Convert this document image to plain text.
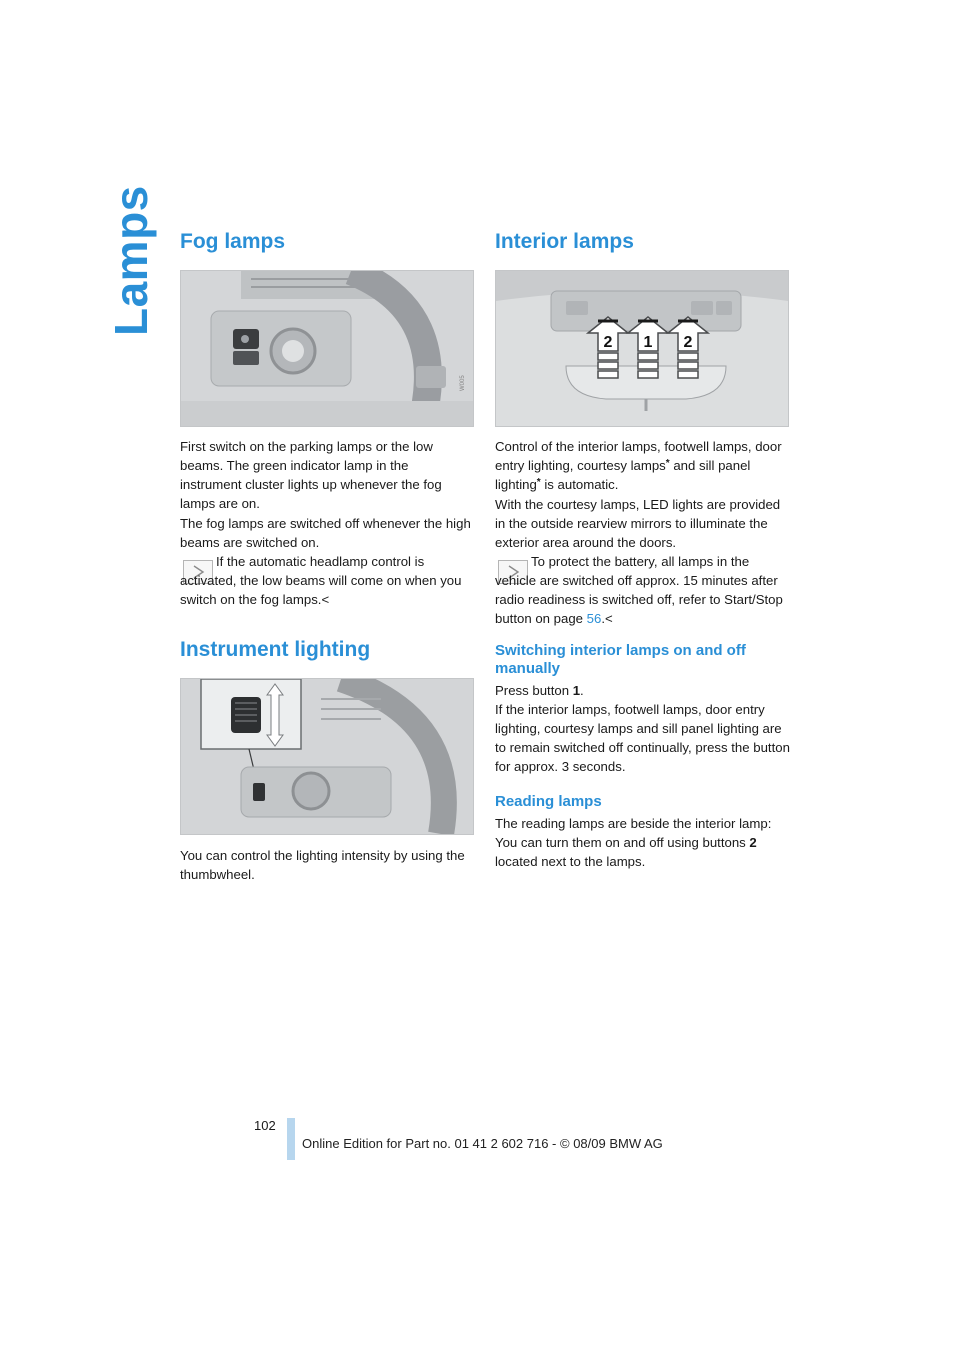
Lamps Fog lamps
W005

First switch on the parking lamps or the low beams. The green indicator lamp in the instrument cluster lights up whenever the fog lamps are on.

The fog lamps are switched off whenever the high beams are switched on.

If the automatic headlamp control is activated, the low beams will come on when you switch on the fog lamps.<

Instrument lighting

You can control the lighting intensity by using the thumbwheel.

Interior lamps
2 1 2

Control of the interior lamps, footwell lamps, door entry lighting, courtesy lamps* and sill panel lighting* is automatic.

With the courtesy lamps, LED lights are provided in the outside rearview mirrors to illuminate the exterior area around the doors.

To protect the battery, all lamps in the vehicle are switched off approx. 15 minutes after radio readiness is switched off, refer to Start/Stop button on page 56.<

Switching interior lamps on and off manually

Press button 1.

If the interior lamps, footwell lamps, door entry lighting, courtesy lamps and sill panel lighting are to remain switched off continually, press the button for approx. 3 seconds.

Reading lamps

The reading lamps are beside the interior lamp: You can turn them on and off using buttons 2 located next to the lamps.

102
Online Edition for Part no. 01 41 2 602 716 - © 08/09 BMW AG
